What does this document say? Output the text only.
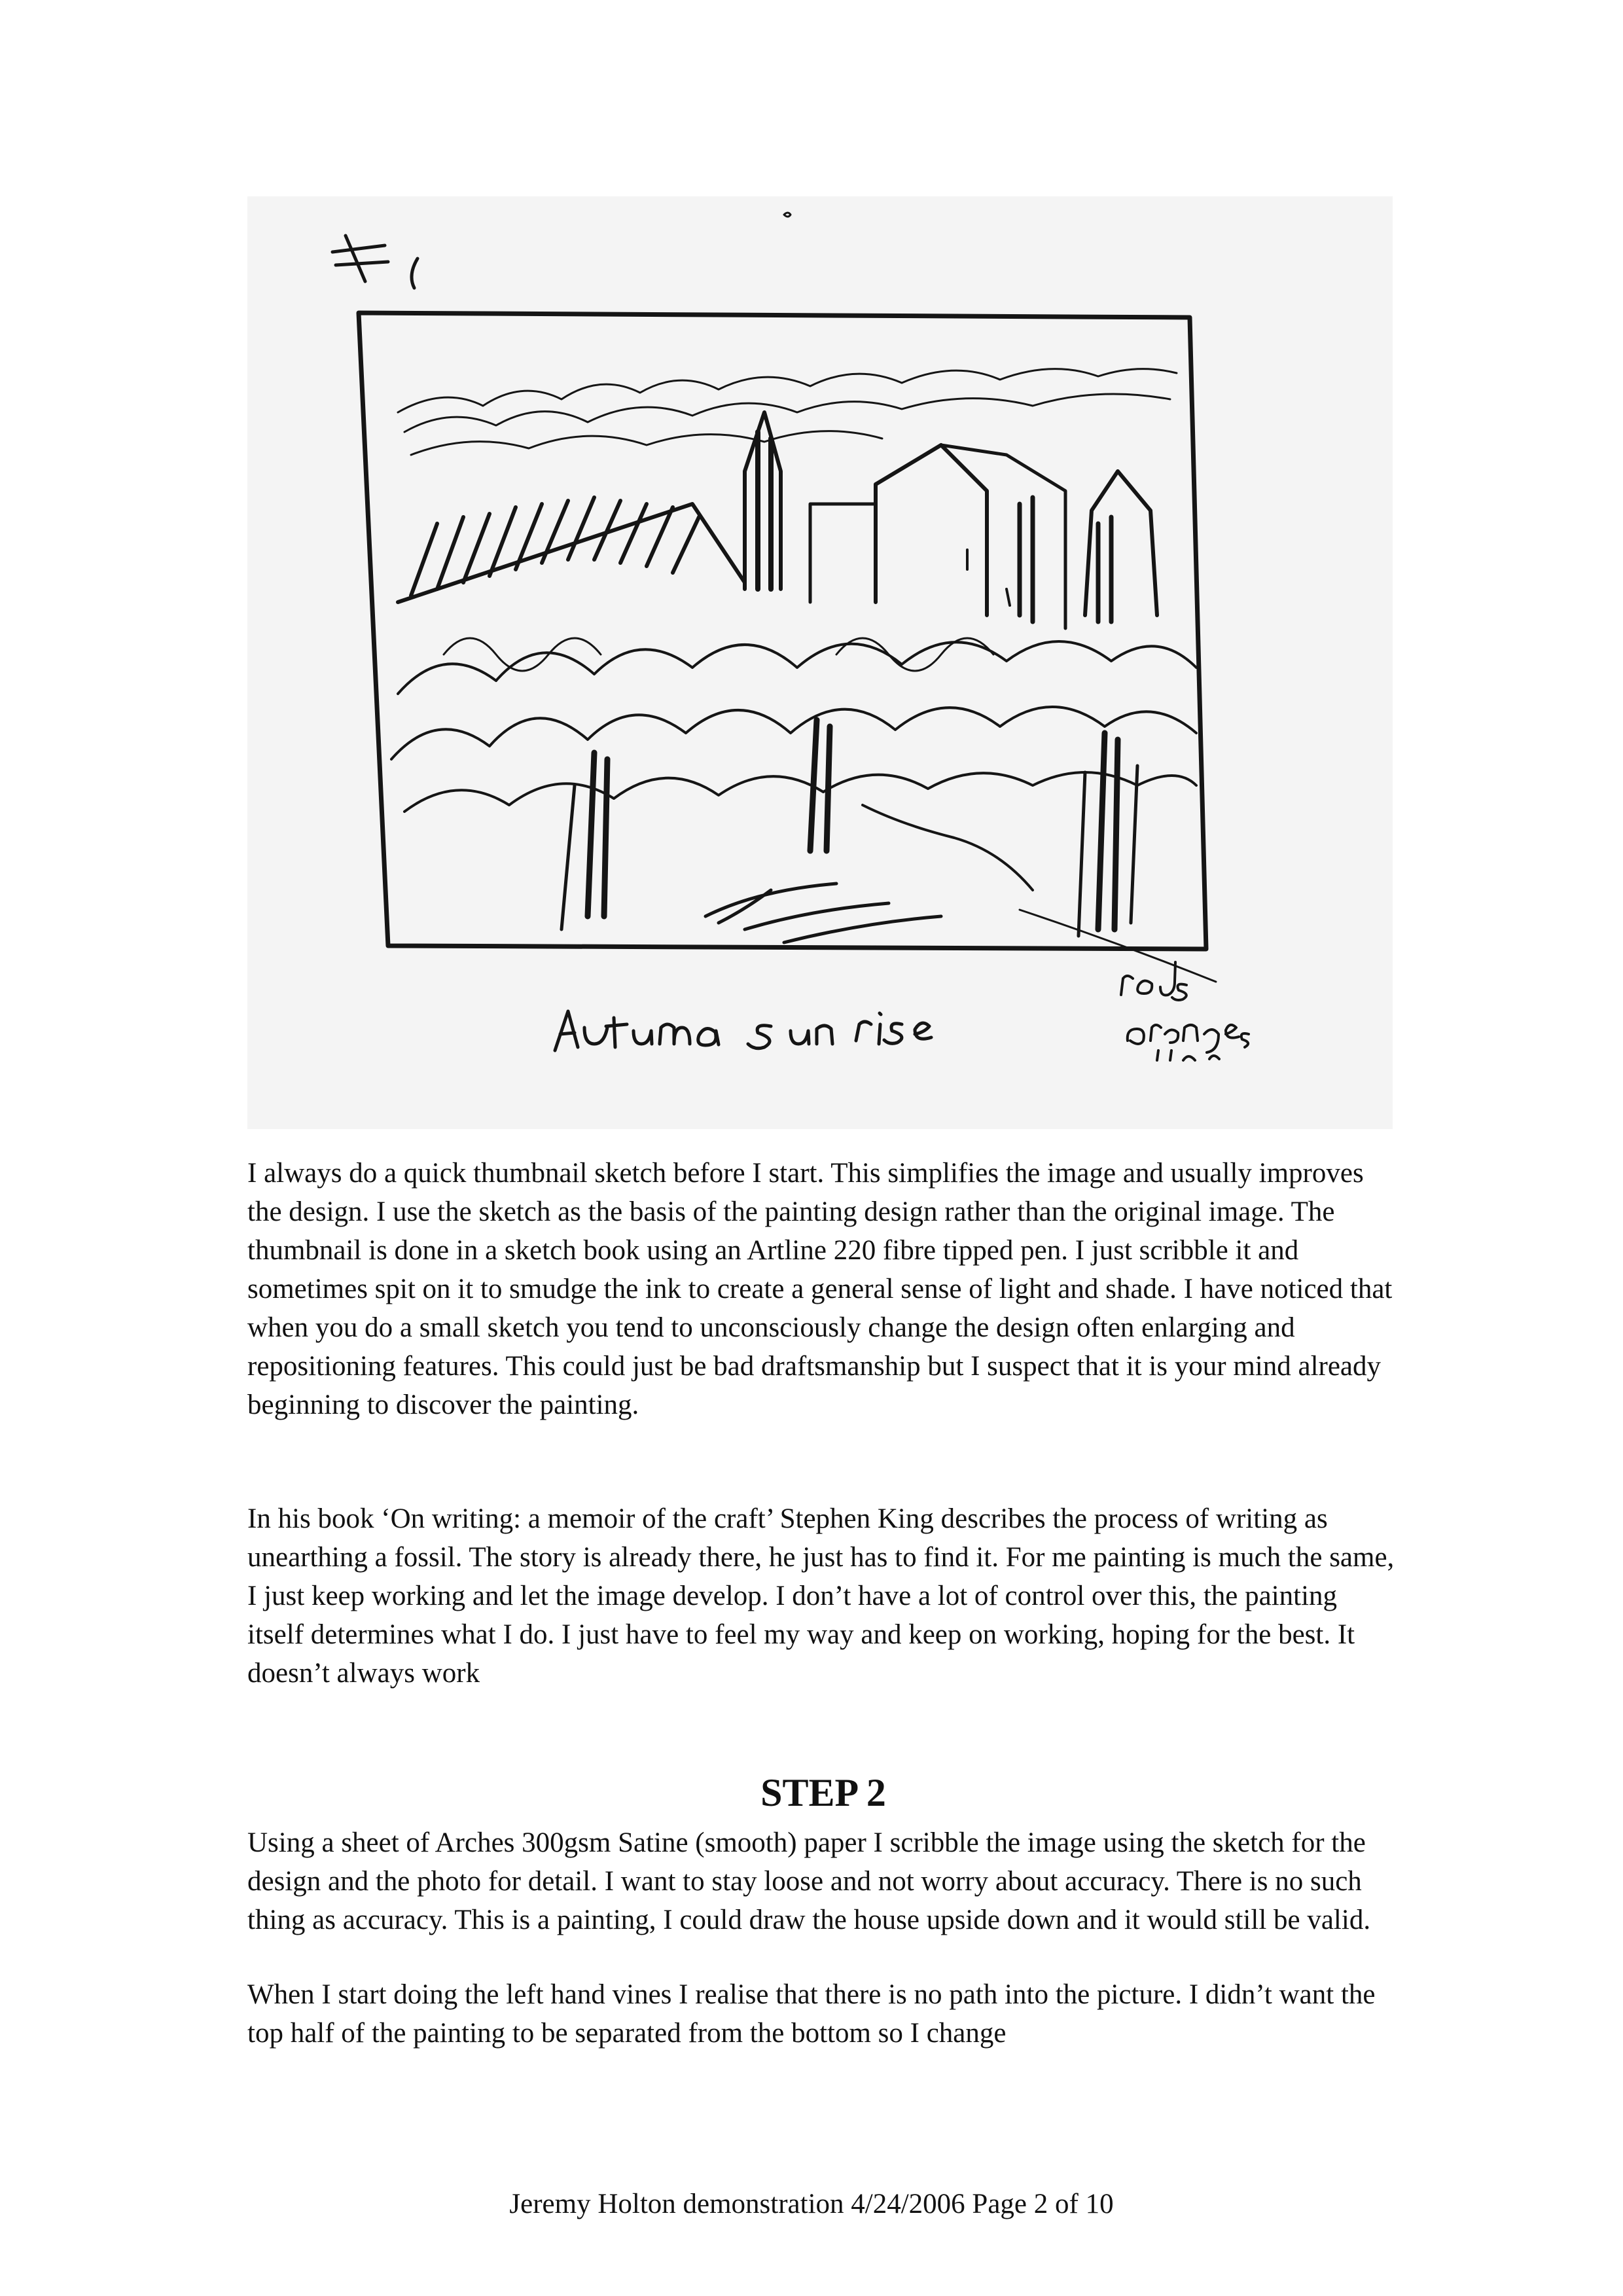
I always do a quick thumbnail sketch before I start. This simplifies the image and usually improves the design. I use the sketch as the basis of the painting design rather than the original image. The thumbnail is done in a sketch book using an Artline 220 fibre tipped pen. I just scribble it and sometimes spit on it to smudge the ink to create a general sense of light and shade. I have noticed that when you do a small sketch you tend to unconsciously change the design often enlarging and repositioning features. This could just be bad draftsmanship but I suspect that it is your mind already beginning to discover the painting.

In his book ‘On writing: a memoir of the craft’ Stephen King describes the process of writing as unearthing a fossil. The story is already there, he just has to find it. For me painting is much the same, I just keep working and let the image develop. I don’t have a lot of control over this, the painting itself determines what I do. I just have to feel my way and keep on working, hoping for the best. It doesn’t always work

STEP 2

Using a sheet of Arches 300gsm Satine (smooth) paper I scribble the image using the sketch for the design and the photo for detail. I want to stay loose and not worry about accuracy. There is no such thing as accuracy. This is a painting, I could draw the house upside down and it would still be valid.

When I start doing the left hand vines I realise that there is no path into the picture. I didn’t want the top half of the painting to be separated from the bottom so I change

Jeremy Holton demonstration 4/24/2006 Page 2 of 10
